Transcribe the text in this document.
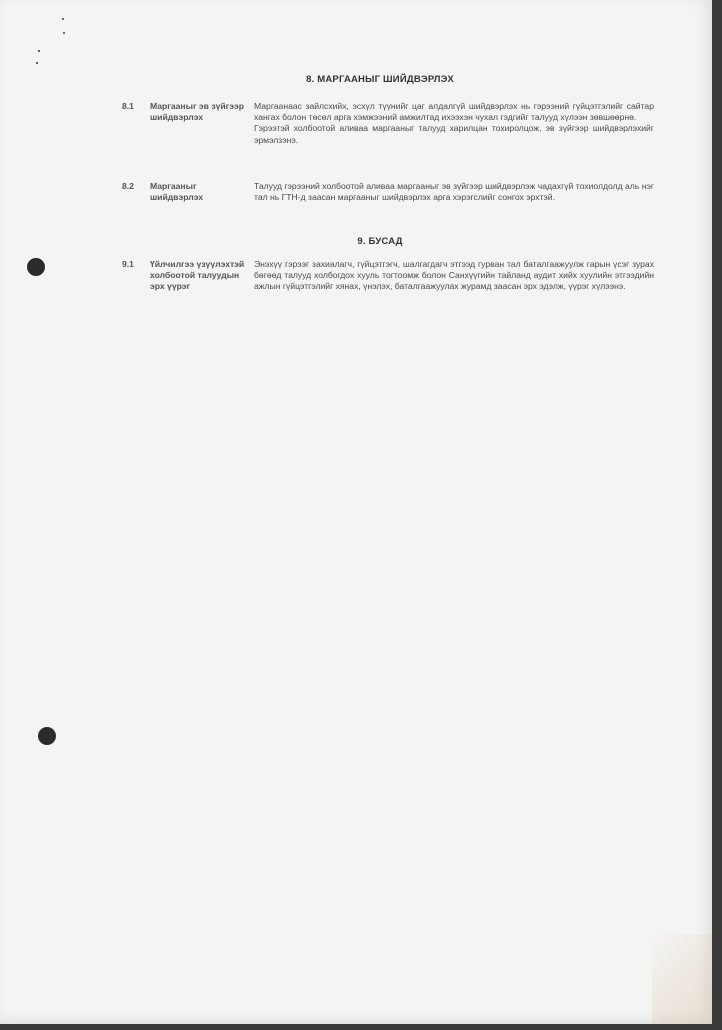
8. МАРГААНЫГ ШИЙДВЭРЛЭХ
8.1 Маргааныг эв зүйгээр шийдвэрлэх

Маргаанаас зайлсхийх, эсхүл түүнийг цаг алдалгүй шийдвэрлэх нь гэрээний гүйцэтгэлийг сайтар хангах болон төсөл арга хэмжээний амжилтад ихээхэн чухал гэдгийг талууд хүлээн зөвшөөрнө.

Гэрээтэй холбоотой аливаа маргааныг талууд харилцан тохиролцож, эв зүйгээр шийдвэрлэхийг эрмэлзэнэ.

8.2 Маргааныг шийдвэрлэх

Талууд гэрээний холбоотой аливаа маргааныг эв зүйгээр шийдвэрлэж чадахгүй тохиолдолд аль нэг тал нь ГТН-д заасан маргааныг шийдвэрлэх арга хэрэгслийг сонгох эрхтэй.

9. БУСАД
9.1 Үйлчилгээ үзүүлэхтэй холбоотой талуудын эрх үүрэг

Энэхүү гэрээг захиалагч, гүйцэтгэгч, шалгагдагч этгээд гурван тал баталгаажуулж гарын үсэг зурах бөгөөд талууд холбогдох хууль тогтоомж болон Санхүүгийн тайланд аудит хийх хуулийн этгээдийн ажлын гүйцэтгэлийг хянах, үнэлэх, баталгаажуулах журамд заасан эрх эдэлж, үүрэг хүлээнэ.
